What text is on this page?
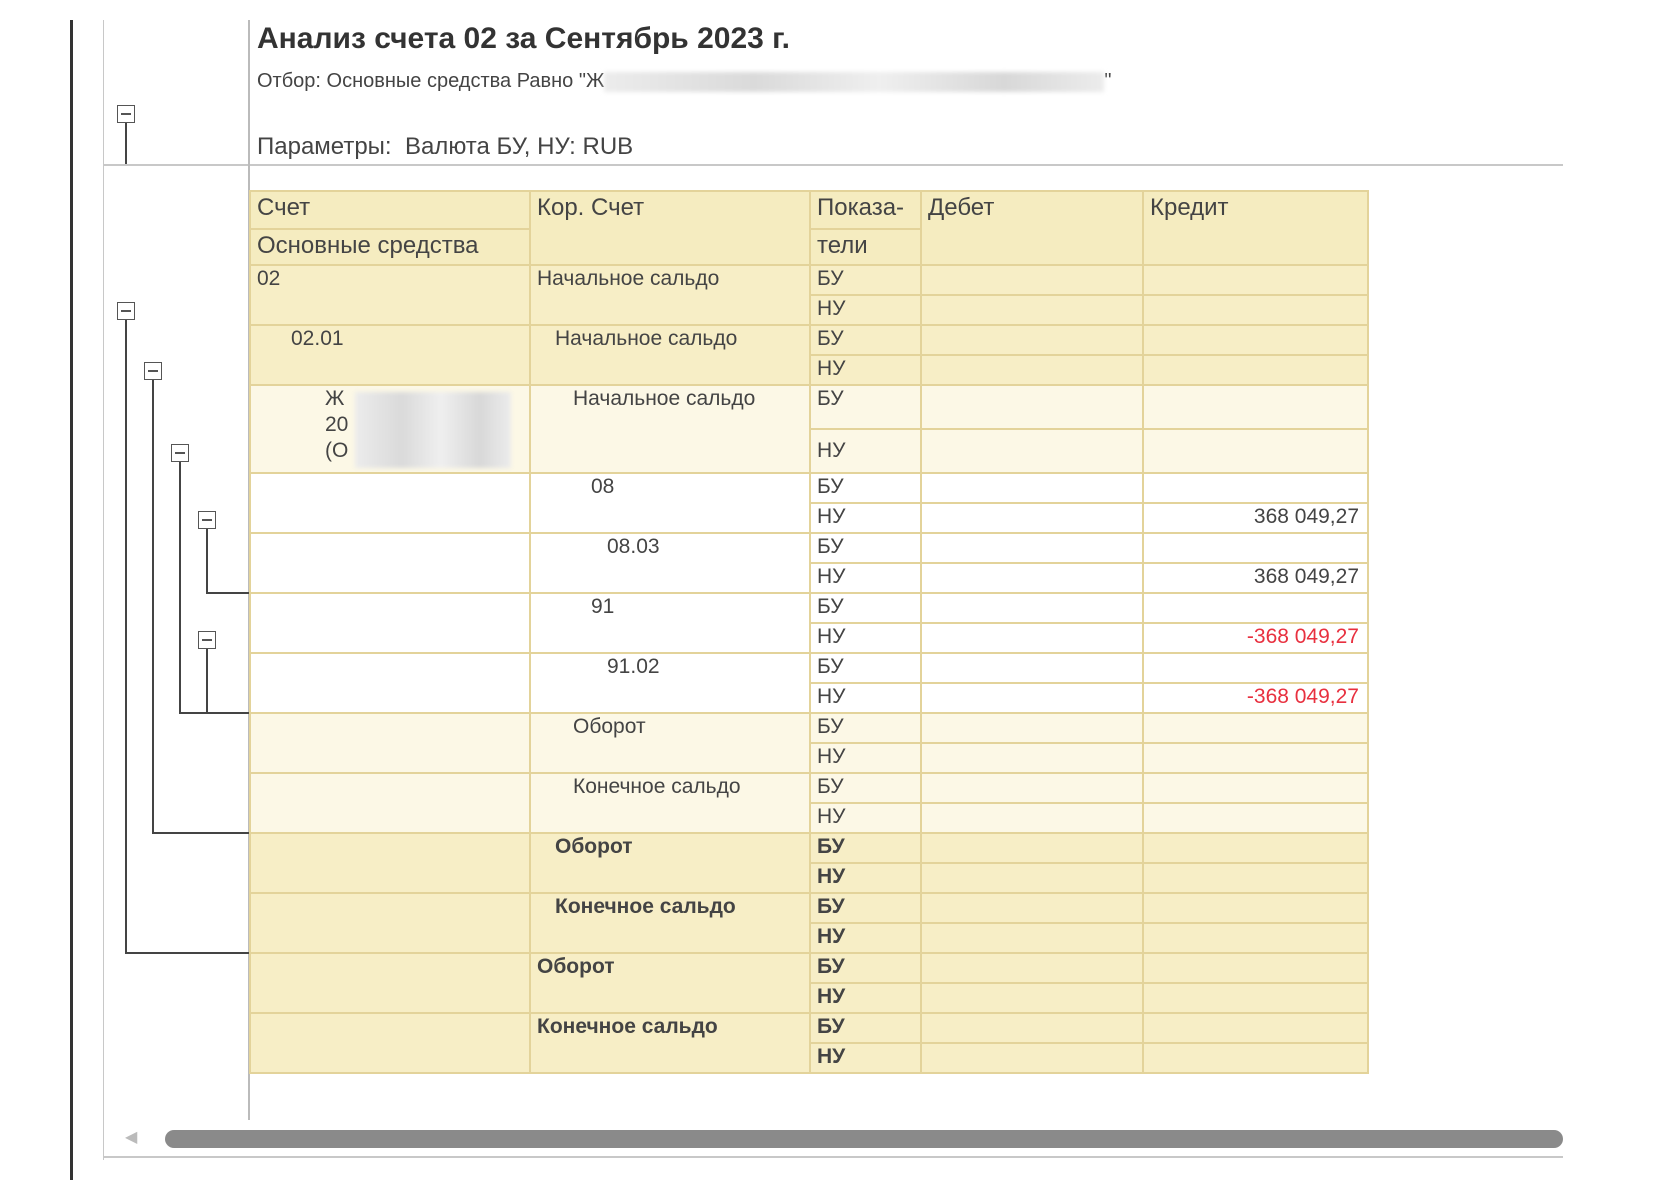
Анализ счета 02 за Сентябрь 2023 г.
Отбор: Основные средства Равно "Ж	"
Параметры: Валюта БУ, НУ: RUB
Счет	Кор. Счет	Показа-	Дебет	Кредит
Основные средства		тели		
02	Начальное сальдо	БУ		
		НУ		
02.01	Начальное сальдо	БУ		
		НУ		

Ж
20
(О	Начальное сальдо	БУ		
		НУ		
	08	БУ		
		НУ		368 049,27
	08.03	БУ		
		НУ		368 049,27
	91	БУ		
		НУ		-368 049,27
	91.02	БУ		
		НУ		-368 049,27
	Оборот	БУ		
		НУ		
	Конечное сальдо	БУ		
		НУ		
	Оборот	БУ		
		НУ		
	Конечное сальдо	БУ		
		НУ		
	Оборот	БУ		
		НУ		
	Конечное сальдо	БУ		
		НУ		
◀
